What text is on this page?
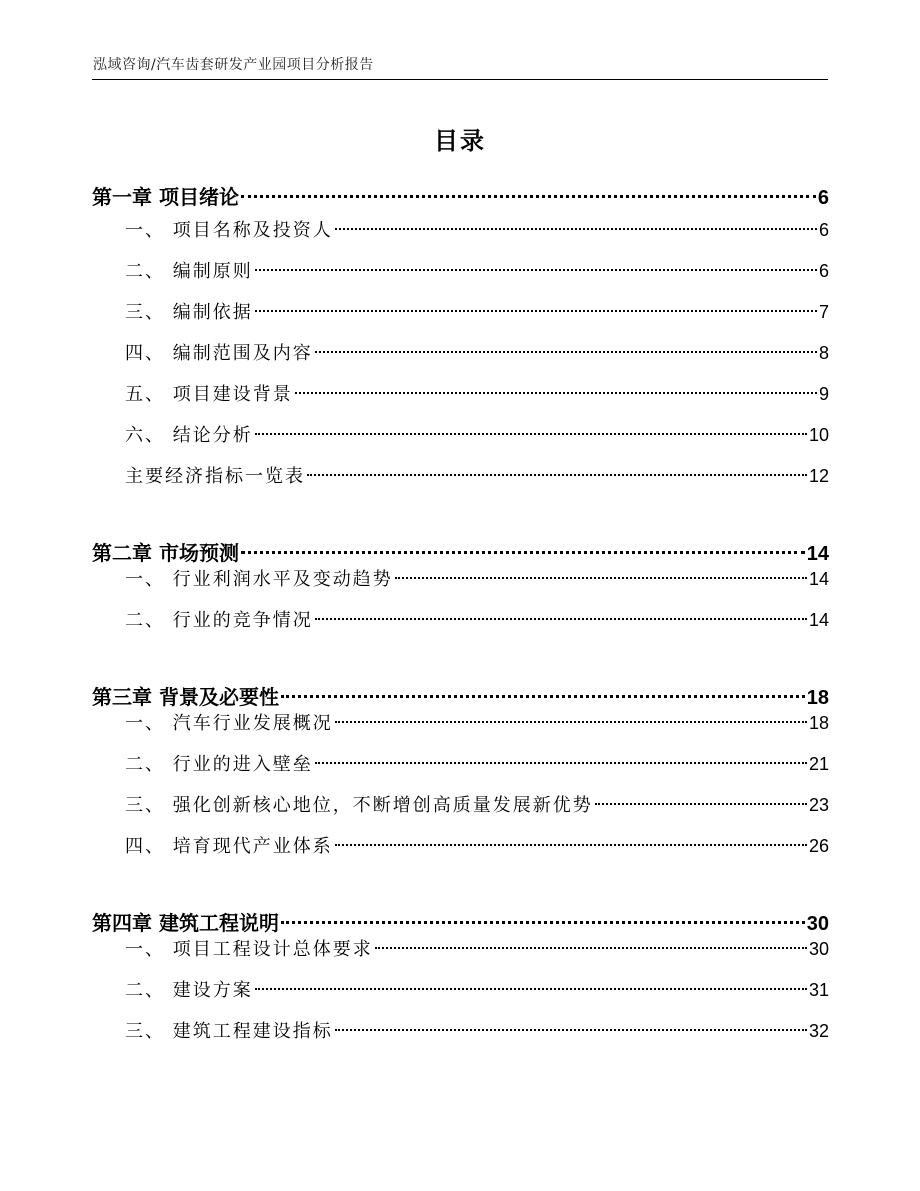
泓域咨询/汽车齿套研发产业园项目分析报告
目录
第一章 项目绪论	6
一、 项目名称及投资人	6
二、 编制原则	6
三、 编制依据	7
四、 编制范围及内容	8
五、 项目建设背景	9
六、 结论分析	10
主要经济指标一览表	12
第二章 市场预测	14
一、 行业利润水平及变动趋势	14
二、 行业的竞争情况	14
第三章 背景及必要性	18
一、 汽车行业发展概况	18
二、 行业的进入壁垒	21
三、 强化创新核心地位，不断增创高质量发展新优势	23
四、 培育现代产业体系	26
第四章 建筑工程说明	30
一、 项目工程设计总体要求	30
二、 建设方案	31
三、 建筑工程建设指标	32
